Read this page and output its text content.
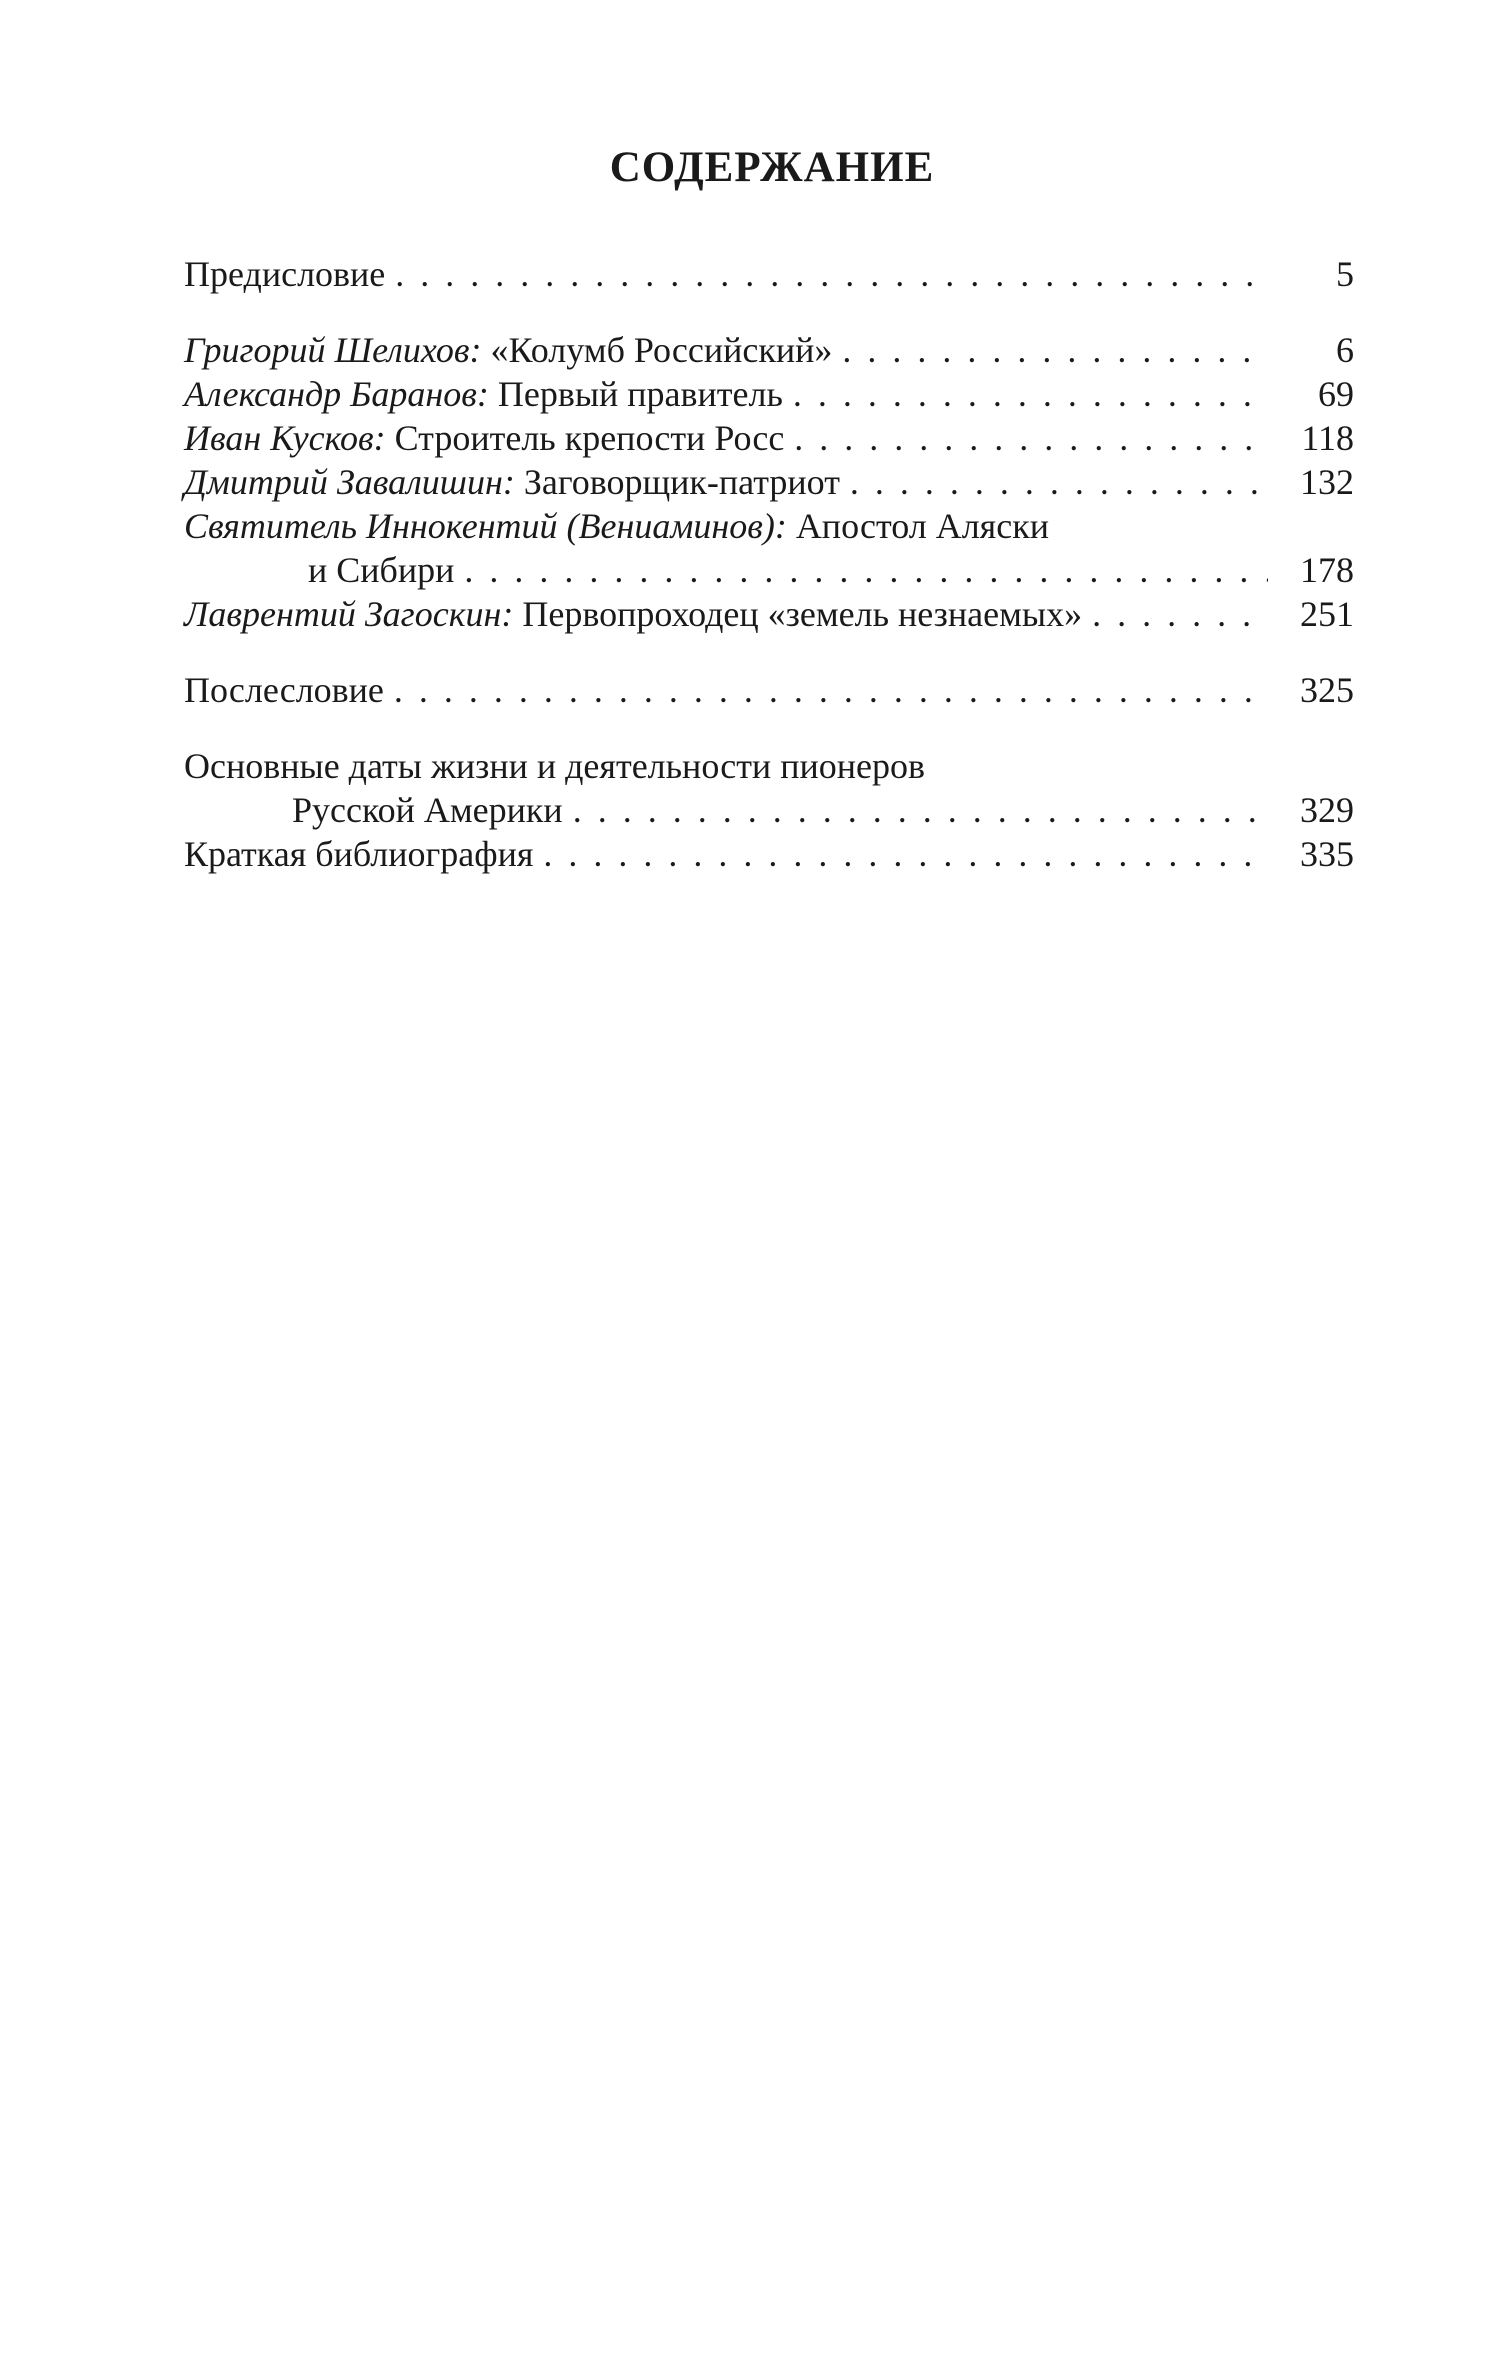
СОДЕРЖАНИЕ
Предисловие . . .	5
Григорий Шелихов: «Колумб Российский» . . .	6
Александр Баранов: Первый правитель . . .	69
Иван Кусков: Строитель крепости Росс . . .	118
Дмитрий Завалишин: Заговорщик-патриот . . .	132
Святитель Иннокентий (Вениаминов): Апостол Аляски
и Сибири . . .	178
Лаврентий Загоскин: Первопроходец «земель незнаемых» . . .	251
Послесловие . . .	325
Основные даты жизни и деятельности пионеров
Русской Америки . . .	329
Краткая библиография . . .	335
